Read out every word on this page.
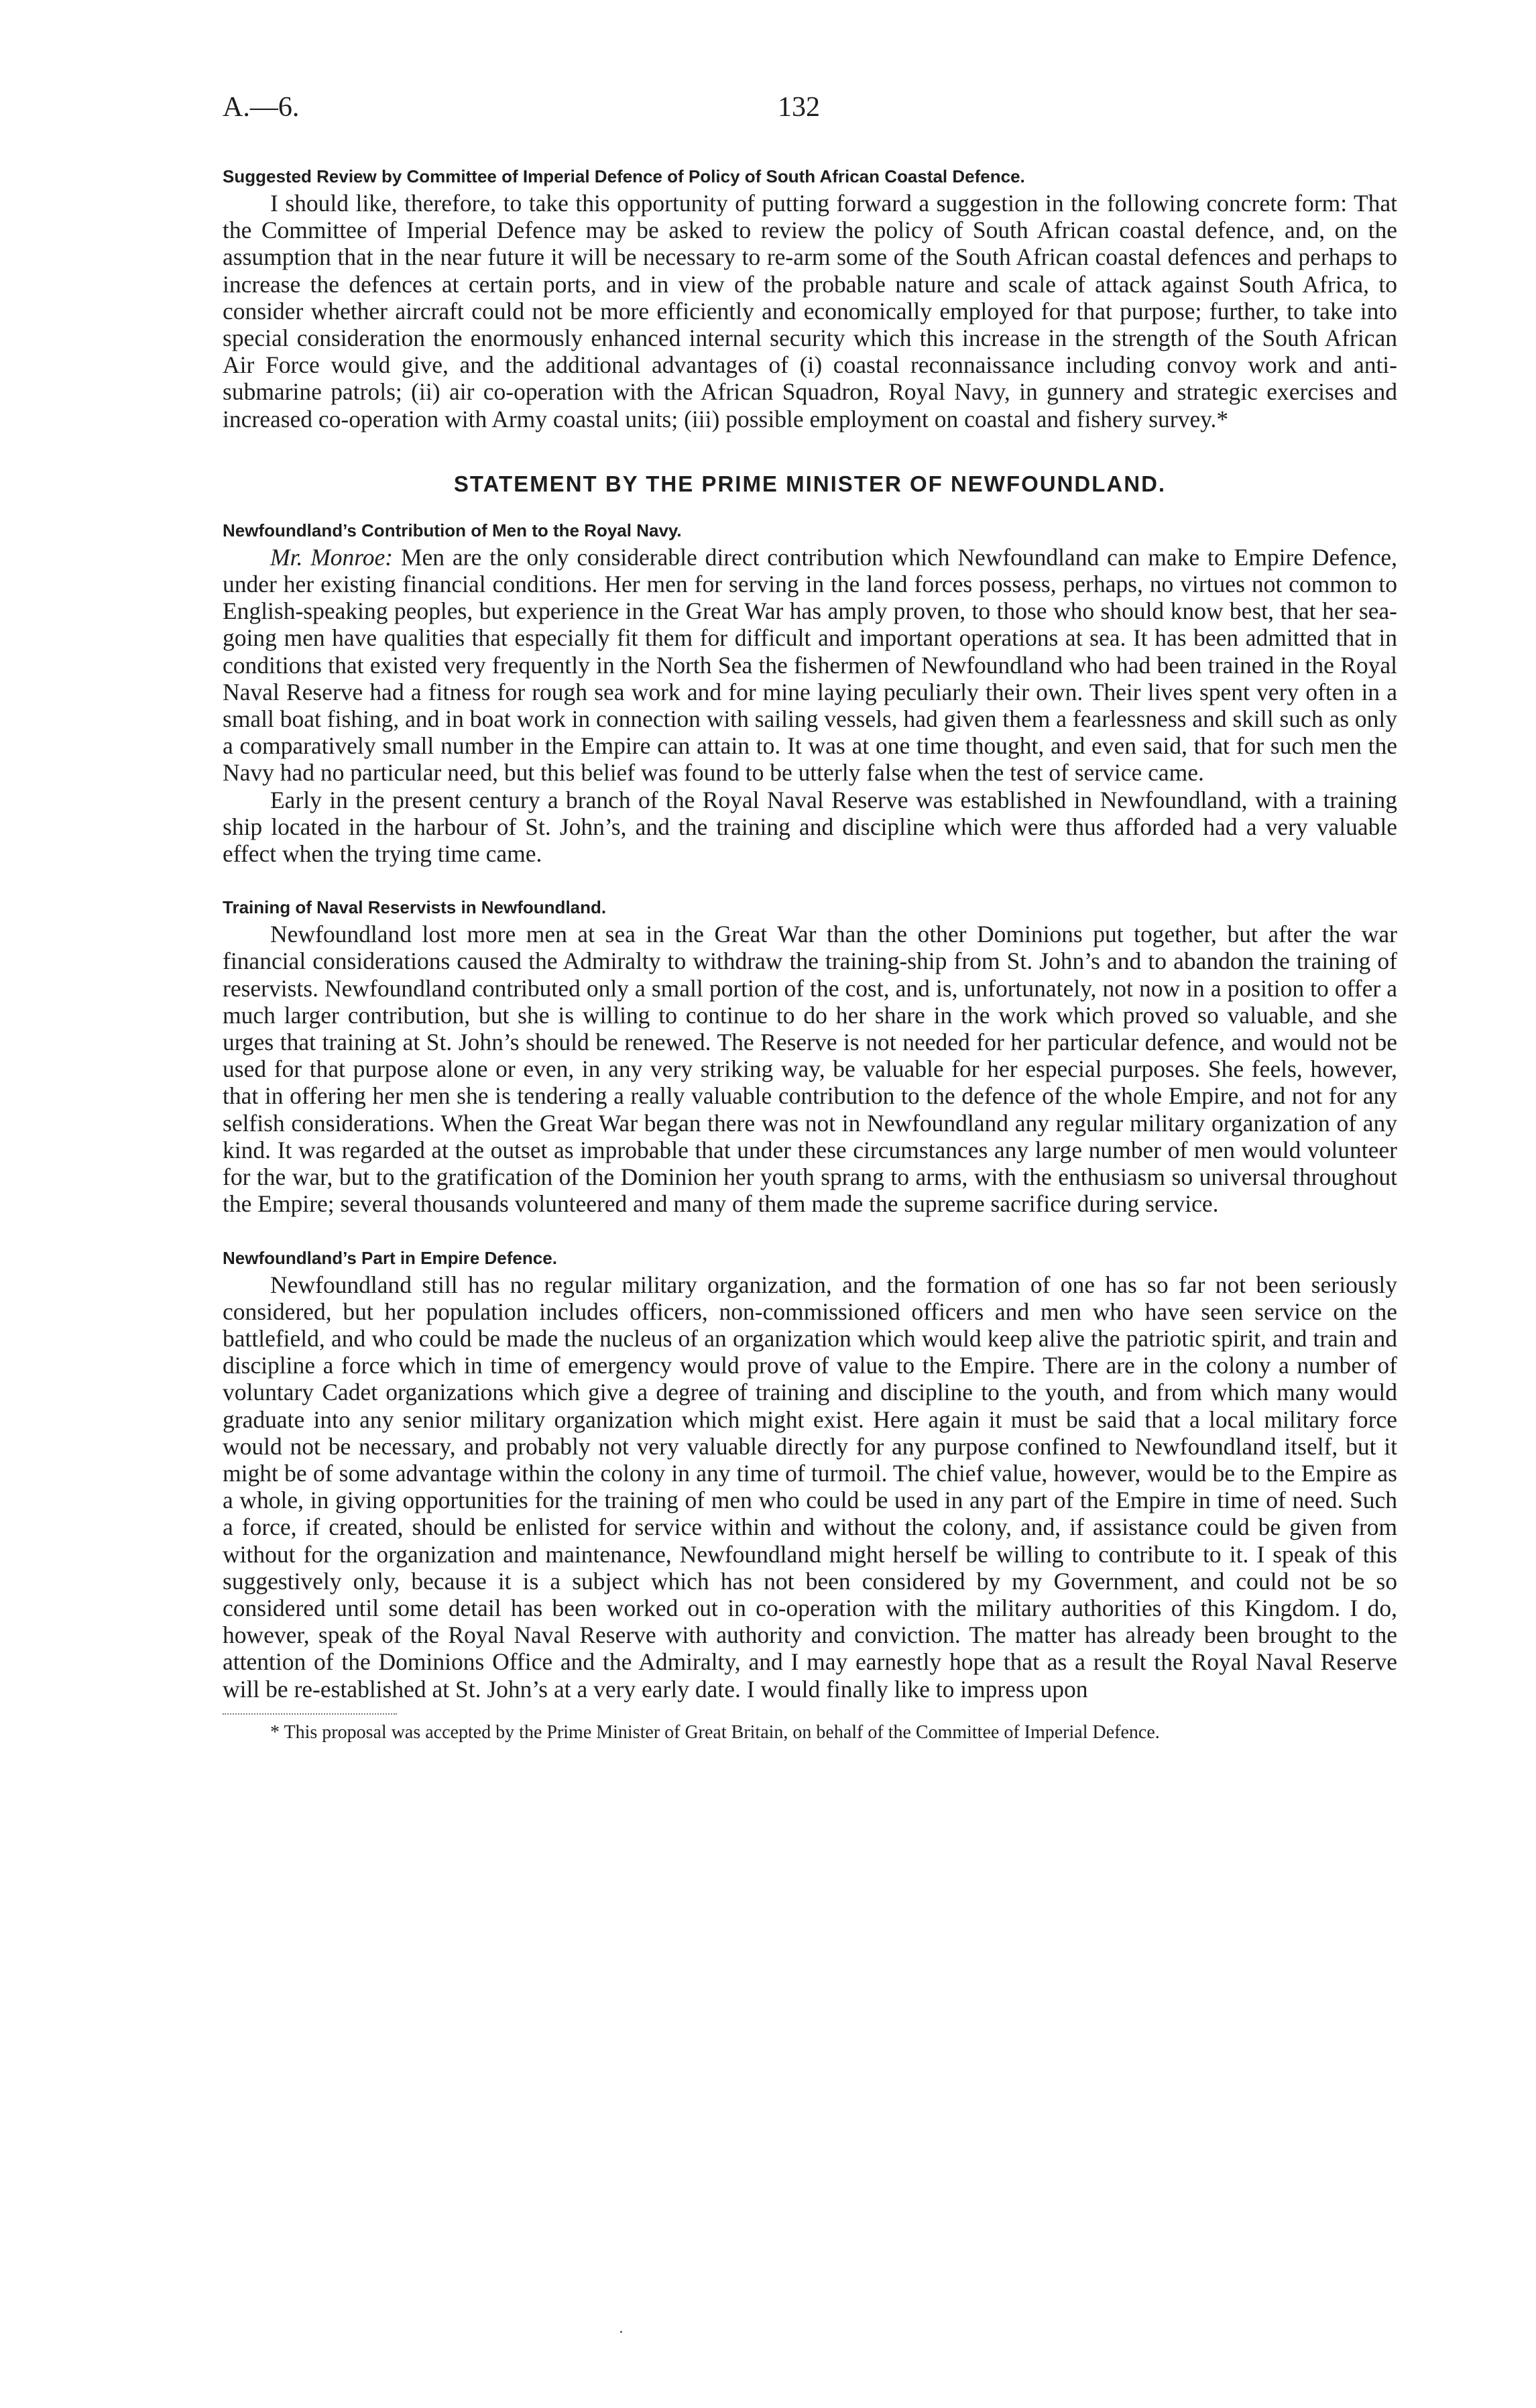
A.—6.	132

Suggested Review by Committee of Imperial Defence of Policy of South African Coastal Defence.

I should like, therefore, to take this opportunity of putting forward a suggestion in the following concrete form: That the Committee of Imperial Defence may be asked to review the policy of South African coastal defence, and, on the assumption that in the near future it will be necessary to re-arm some of the South African coastal defences and perhaps to increase the defences at certain ports, and in view of the probable nature and scale of attack against South Africa, to consider whether aircraft could not be more efficiently and economically employed for that purpose; further, to take into special consideration the enormously enhanced internal security which this increase in the strength of the South African Air Force would give, and the additional advantages of (i) coastal reconnaissance including convoy work and anti-submarine patrols; (ii) air co-operation with the African Squadron, Royal Navy, in gunnery and strategic exercises and increased co-operation with Army coastal units; (iii) possible employment on coastal and fishery survey.*

STATEMENT BY THE PRIME MINISTER OF NEWFOUNDLAND.

Newfoundland’s Contribution of Men to the Royal Navy.

Mr. Monroe: Men are the only considerable direct contribution which Newfoundland can make to Empire Defence, under her existing financial conditions. Her men for serving in the land forces possess, perhaps, no virtues not common to English-speaking peoples, but experience in the Great War has amply proven, to those who should know best, that her sea-going men have qualities that especially fit them for difficult and important operations at sea. It has been admitted that in conditions that existed very frequently in the North Sea the fishermen of Newfoundland who had been trained in the Royal Naval Reserve had a fitness for rough sea work and for mine laying peculiarly their own. Their lives spent very often in a small boat fishing, and in boat work in connection with sailing vessels, had given them a fearlessness and skill such as only a comparatively small number in the Empire can attain to. It was at one time thought, and even said, that for such men the Navy had no particular need, but this belief was found to be utterly false when the test of service came.

Early in the present century a branch of the Royal Naval Reserve was established in Newfoundland, with a training ship located in the harbour of St. John’s, and the training and discipline which were thus afforded had a very valuable effect when the trying time came.

Training of Naval Reservists in Newfoundland.

Newfoundland lost more men at sea in the Great War than the other Dominions put together, but after the war financial considerations caused the Admiralty to withdraw the training-ship from St. John’s and to abandon the training of reservists. Newfoundland contributed only a small portion of the cost, and is, unfortunately, not now in a position to offer a much larger contribution, but she is willing to continue to do her share in the work which proved so valuable, and she urges that training at St. John’s should be renewed. The Reserve is not needed for her particular defence, and would not be used for that purpose alone or even, in any very striking way, be valuable for her especial purposes. She feels, however, that in offering her men she is tendering a really valuable contribution to the defence of the whole Empire, and not for any selfish considerations. When the Great War began there was not in Newfoundland any regular military organization of any kind. It was regarded at the outset as improbable that under these circumstances any large number of men would volunteer for the war, but to the gratification of the Dominion her youth sprang to arms, with the enthusiasm so universal throughout the Empire; several thousands volunteered and many of them made the supreme sacrifice during service.

Newfoundland’s Part in Empire Defence.

Newfoundland still has no regular military organization, and the formation of one has so far not been seriously considered, but her population includes officers, non-commissioned officers and men who have seen service on the battlefield, and who could be made the nucleus of an organization which would keep alive the patriotic spirit, and train and discipline a force which in time of emergency would prove of value to the Empire. There are in the colony a number of voluntary Cadet organizations which give a degree of training and discipline to the youth, and from which many would graduate into any senior military organization which might exist. Here again it must be said that a local military force would not be necessary, and probably not very valuable directly for any purpose confined to Newfoundland itself, but it might be of some advantage within the colony in any time of turmoil. The chief value, however, would be to the Empire as a whole, in giving opportunities for the training of men who could be used in any part of the Empire in time of need. Such a force, if created, should be enlisted for service within and without the colony, and, if assistance could be given from without for the organization and maintenance, Newfoundland might herself be willing to contribute to it. I speak of this suggestively only, because it is a subject which has not been considered by my Government, and could not be so considered until some detail has been worked out in co-operation with the military authorities of this Kingdom. I do, however, speak of the Royal Naval Reserve with authority and conviction. The matter has already been brought to the attention of the Dominions Office and the Admiralty, and I may earnestly hope that as a result the Royal Naval Reserve will be re-established at St. John’s at a very early date. I would finally like to impress upon

* This proposal was accepted by the Prime Minister of Great Britain, on behalf of the Committee of Imperial Defence.
